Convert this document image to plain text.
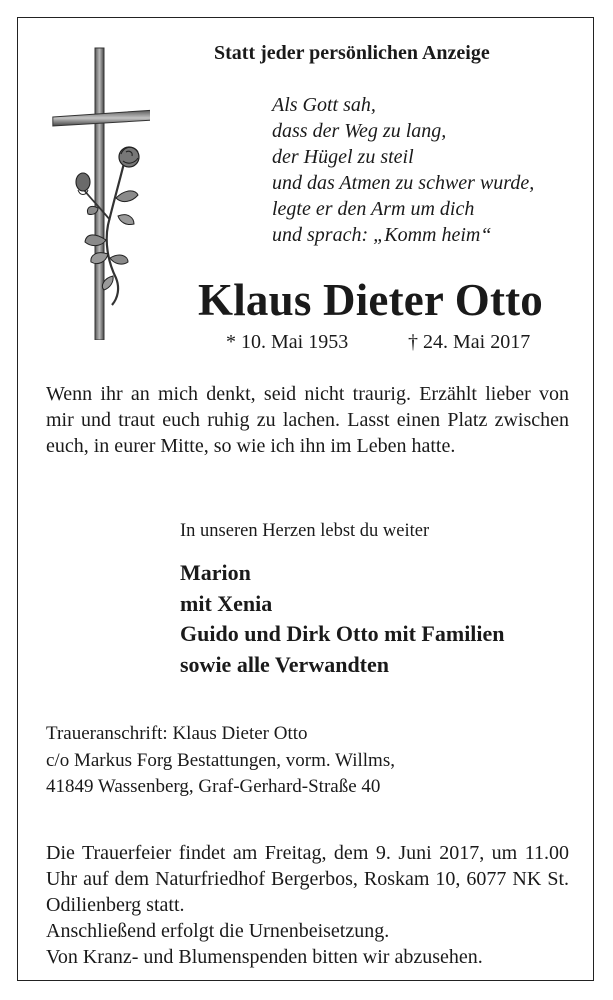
Statt jeder persönlichen Anzeige
Als Gott sah,
dass der Weg zu lang,
der Hügel zu steil
und das Atmen zu schwer wurde,
legte er den Arm um dich
und sprach: „Komm heim“
Klaus Dieter Otto
* 10. Mai 1953	† 24. Mai 2017
Wenn ihr an mich denkt, seid nicht traurig. Erzählt lieber von mir und traut euch ruhig zu lachen. Lasst einen Platz zwischen euch, in eurer Mitte, so wie ich ihn im Leben hatte.
In unseren Herzen lebst du weiter
Marion
mit Xenia
Guido und Dirk Otto mit Familien
sowie alle Verwandten
Traueranschrift: Klaus Dieter Otto
c/o Markus Forg Bestattungen, vorm. Willms,
41849 Wassenberg, Graf-Gerhard-Straße 40
Die Trauerfeier findet am Freitag, dem 9. Juni 2017, um 11.00 Uhr auf dem Naturfriedhof Bergerbos, Roskam 10, 6077 NK St. Odilienberg statt.
Anschließend erfolgt die Urnenbeisetzung.
Von Kranz- und Blumenspenden bitten wir abzusehen.
